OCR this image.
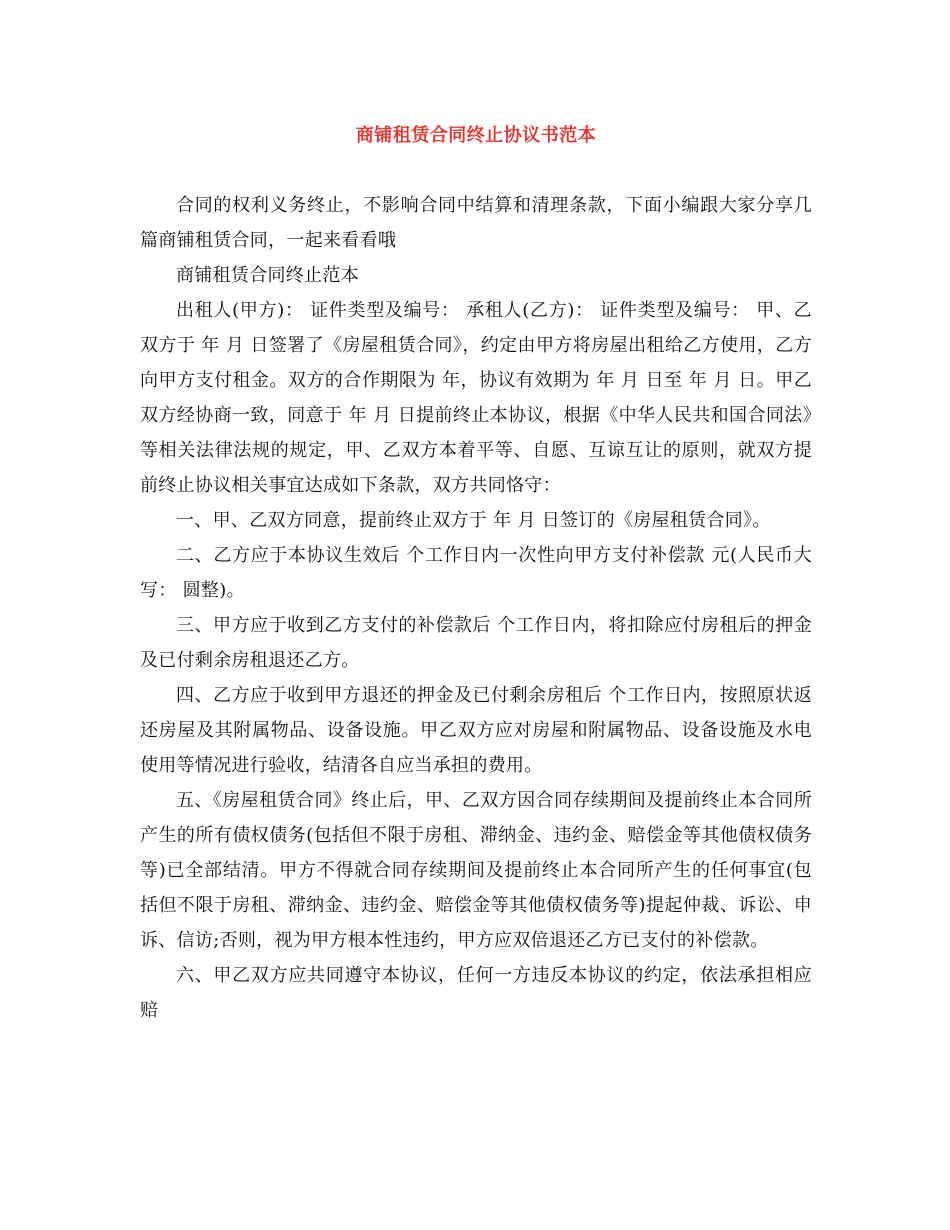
商铺租赁合同终止协议书范本

合同的权利义务终止，不影响合同中结算和清理条款，下面小编跟大家分享几篇商铺租赁合同，一起来看看哦

商铺租赁合同终止范本

出租人(甲方)： 证件类型及编号： 承租人(乙方)： 证件类型及编号： 甲、乙双方于 年 月 日签署了《房屋租赁合同》，约定由甲方将房屋出租给乙方使用，乙方向甲方支付租金。双方的合作期限为 年，协议有效期为 年 月 日至 年 月 日。甲乙双方经协商一致，同意于 年 月 日提前终止本协议，根据《中华人民共和国合同法》等相关法律法规的规定，甲、乙双方本着平等、自愿、互谅互让的原则，就双方提前终止协议相关事宜达成如下条款，双方共同恪守：

一、甲、乙双方同意，提前终止双方于 年 月 日签订的《房屋租赁合同》。

二、乙方应于本协议生效后 个工作日内一次性向甲方支付补偿款 元(人民币大写： 圆整)。

三、甲方应于收到乙方支付的补偿款后 个工作日内，将扣除应付房租后的押金及已付剩余房租退还乙方。

四、乙方应于收到甲方退还的押金及已付剩余房租后 个工作日内，按照原状返还房屋及其附属物品、设备设施。甲乙双方应对房屋和附属物品、设备设施及水电使用等情况进行验收，结清各自应当承担的费用。

五、《房屋租赁合同》终止后，甲、乙双方因合同存续期间及提前终止本合同所产生的所有债权债务(包括但不限于房租、滞纳金、违约金、赔偿金等其他债权债务等)已全部结清。甲方不得就合同存续期间及提前终止本合同所产生的任何事宜(包括但不限于房租、滞纳金、违约金、赔偿金等其他债权债务等)提起仲裁、诉讼、申诉、信访;否则，视为甲方根本性违约，甲方应双倍退还乙方已支付的补偿款。

六、甲乙双方应共同遵守本协议，任何一方违反本协议的约定，依法承担相应赔
